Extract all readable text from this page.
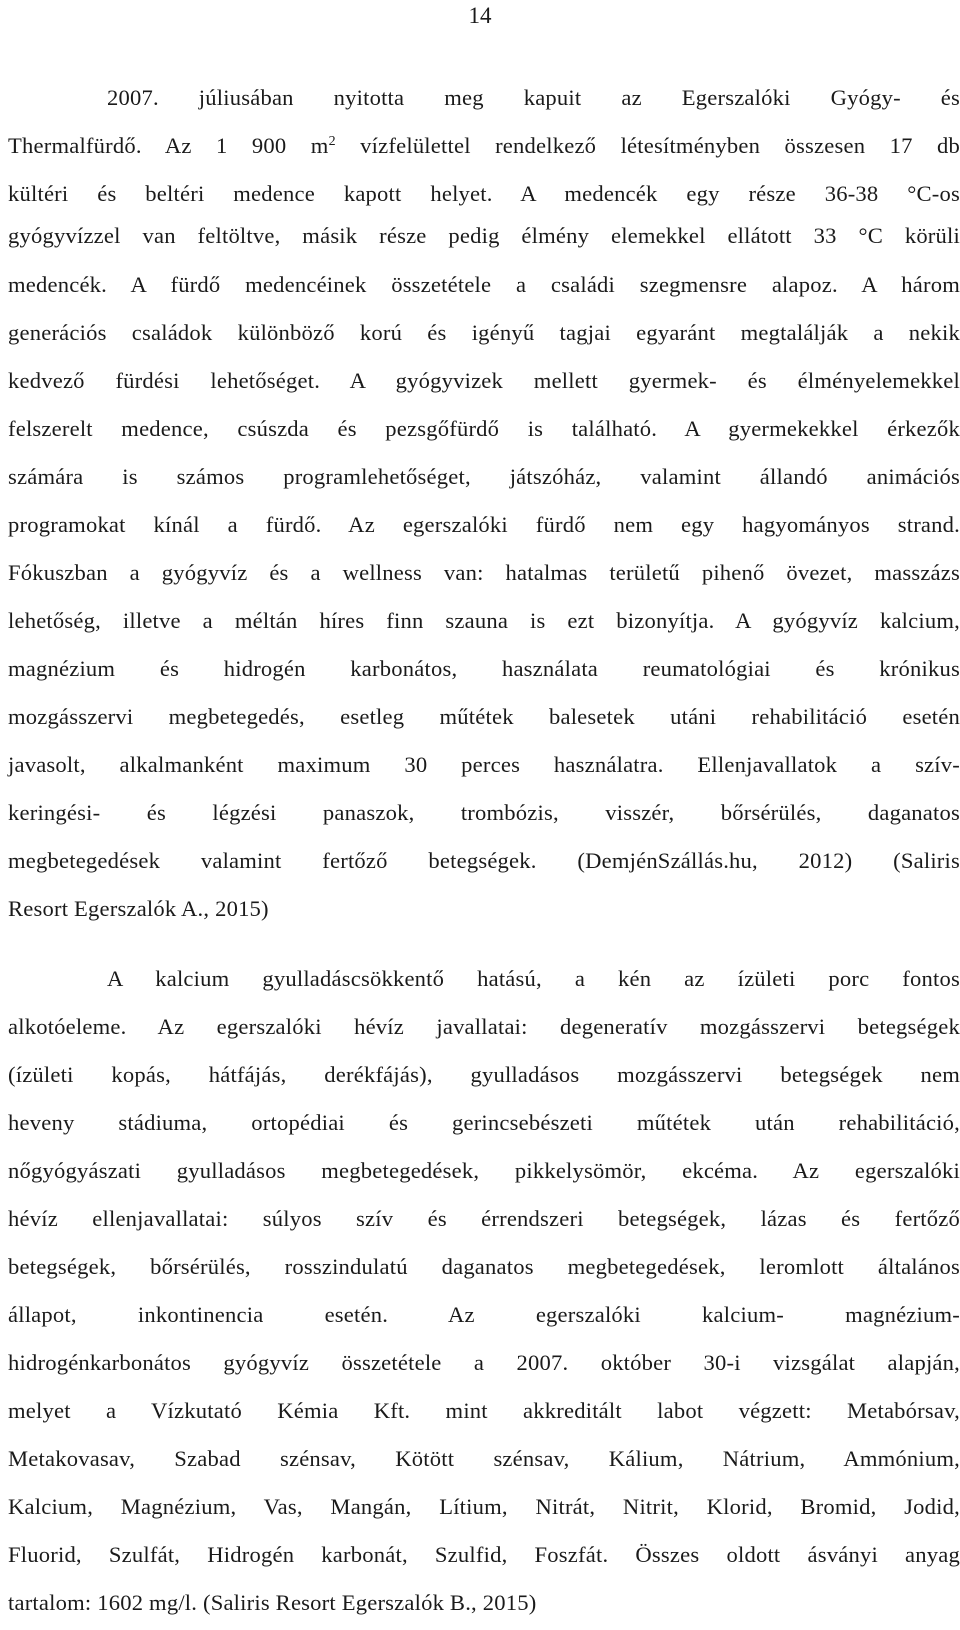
14
2007. júliusában nyitotta meg kapuit az Egerszalóki Gyógy- és
Thermalfürdő. Az 1 900 $m^2$ vízfelülettel rendelkező létesítményben összesen 17 db
kültéri és beltéri medence kapott helyet. A medencék egy része 36-38 °C-os
gyógyvízzel van feltöltve, másik része pedig élmény elemekkel ellátott 33 °C körüli
medencék. A fürdő medencéinek összetétele a családi szegmensre alapoz. A három
generációs családok különböző korú és igényű tagjai egyaránt megtalálják a nekik
kedvező fürdési lehetőséget. A gyógyvizek mellett gyermek- és élményelemekkel
felszerelt medence, csúszda és pezsgőfürdő is található. A gyermekekkel érkezők
számára is számos programlehetőséget, játszóház, valamint állandó animációs
programokat kínál a fürdő. Az egerszalóki fürdő nem egy hagyományos strand.
Fókuszban a gyógyvíz és a wellness van: hatalmas területű pihenő övezet, masszázs
lehetőség, illetve a méltán híres finn szauna is ezt bizonyítja. A gyógyvíz kalcium,
magnézium és hidrogén karbonátos, használata reumatológiai és krónikus
mozgásszervi megbetegedés, esetleg műtétek balesetek utáni rehabilitáció esetén
javasolt, alkalmanként maximum 30 perces használatra. Ellenjavallatok a szív-
keringési- és légzési panaszok, trombózis, visszér, bőrsérülés, daganatos
megbetegedések valamint fertőző betegségek. (DemjénSzállás.hu, 2012) (Saliris
Resort Egerszalók A., 2015)
A kalcium gyulladáscsökkentő hatású, a kén az ízületi porc fontos
alkotóeleme. Az egerszalóki hévíz javallatai: degeneratív mozgásszervi betegségek
(ízületi kopás, hátfájás, derékfájás), gyulladásos mozgásszervi betegségek nem
heveny stádiuma, ortopédiai és gerincsebészeti műtétek után rehabilitáció,
nőgyógyászati gyulladásos megbetegedések, pikkelysömör, ekcéma. Az egerszalóki
hévíz ellenjavallatai: súlyos szív és érrendszeri betegségek, lázas és fertőző
betegségek, bőrsérülés, rosszindulatú daganatos megbetegedések, leromlott általános
állapot, inkontinencia esetén. Az egerszalóki kalcium- magnézium-
hidrogénkarbonátos gyógyvíz összetétele a 2007. október 30-i vizsgálat alapján,
melyet a Vízkutató Kémia Kft. mint akkreditált labot végzett: Metabórsav,
Metakovasav, Szabad szénsav, Kötött szénsav, Kálium, Nátrium, Ammónium,
Kalcium, Magnézium, Vas, Mangán, Lítium, Nitrát, Nitrit, Klorid, Bromid, Jodid,
Fluorid, Szulfát, Hidrogén karbonát, Szulfid, Foszfát. Összes oldott ásványi anyag
tartalom: 1602 mg/l. (Saliris Resort Egerszalók B., 2015)
